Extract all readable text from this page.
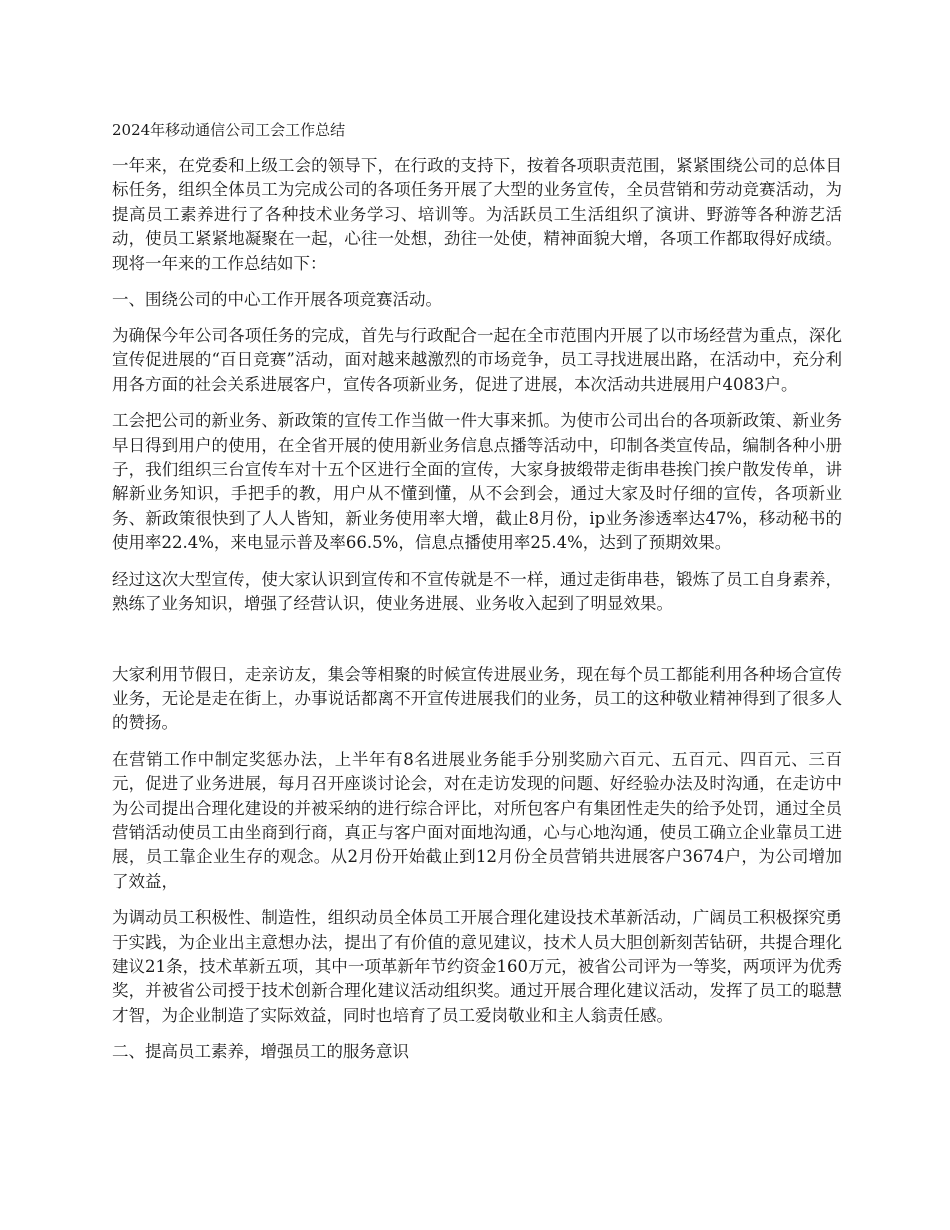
2024年移动通信公司工会工作总结

一年来，在党委和上级工会的领导下，在行政的支持下，按着各项职责范围，紧紧围绕公司的总体目标任务，组织全体员工为完成公司的各项任务开展了大型的业务宣传，全员营销和劳动竞赛活动，为提高员工素养进行了各种技术业务学习、培训等。为活跃员工生活组织了演讲、野游等各种游艺活动，使员工紧紧地凝聚在一起，心往一处想，劲往一处使，精神面貌大增，各项工作都取得好成绩。现将一年来的工作总结如下：

一、围绕公司的中心工作开展各项竞赛活动。

为确保今年公司各项任务的完成，首先与行政配合一起在全市范围内开展了以市场经营为重点，深化宣传促进展的“百日竞赛”活动，面对越来越激烈的市场竞争，员工寻找进展出路，在活动中，充分利用各方面的社会关系进展客户，宣传各项新业务，促进了进展，本次活动共进展用户4083户。

工会把公司的新业务、新政策的宣传工作当做一件大事来抓。为使市公司出台的各项新政策、新业务早日得到用户的使用，在全省开展的使用新业务信息点播等活动中，印制各类宣传品，编制各种小册子，我们组织三台宣传车对十五个区进行全面的宣传，大家身披缎带走街串巷挨门挨户散发传单，讲解新业务知识，手把手的教，用户从不懂到懂，从不会到会，通过大家及时仔细的宣传，各项新业务、新政策很快到了人人皆知，新业务使用率大增，截止8月份，ip业务渗透率达47%，移动秘书的使用率22.4%，来电显示普及率66.5%，信息点播使用率25.4%，达到了预期效果。

经过这次大型宣传，使大家认识到宣传和不宣传就是不一样，通过走街串巷，锻炼了员工自身素养，熟练了业务知识，增强了经营认识，使业务进展、业务收入起到了明显效果。

大家利用节假日，走亲访友，集会等相聚的时候宣传进展业务，现在每个员工都能利用各种场合宣传业务，无论是走在街上，办事说话都离不开宣传进展我们的业务，员工的这种敬业精神得到了很多人的赞扬。

在营销工作中制定奖惩办法，上半年有8名进展业务能手分别奖励六百元、五百元、四百元、三百元，促进了业务进展，每月召开座谈讨论会，对在走访发现的问题、好经验办法及时沟通，在走访中为公司提出合理化建设的并被采纳的进行综合评比，对所包客户有集团性走失的给予处罚，通过全员营销活动使员工由坐商到行商，真正与客户面对面地沟通，心与心地沟通，使员工确立企业靠员工进展，员工靠企业生存的观念。从2月份开始截止到12月份全员营销共进展客户3674户，为公司增加了效益，

为调动员工积极性、制造性，组织动员全体员工开展合理化建设技术革新活动，广阔员工积极探究勇于实践，为企业出主意想办法，提出了有价值的意见建议，技术人员大胆创新刻苦钻研，共提合理化建议21条，技术革新五项，其中一项革新年节约资金160万元，被省公司评为一等奖，两项评为优秀奖，并被省公司授于技术创新合理化建议活动组织奖。通过开展合理化建议活动，发挥了员工的聪慧才智，为企业制造了实际效益，同时也培育了员工爱岗敬业和主人翁责任感。

二、提高员工素养，增强员工的服务意识
